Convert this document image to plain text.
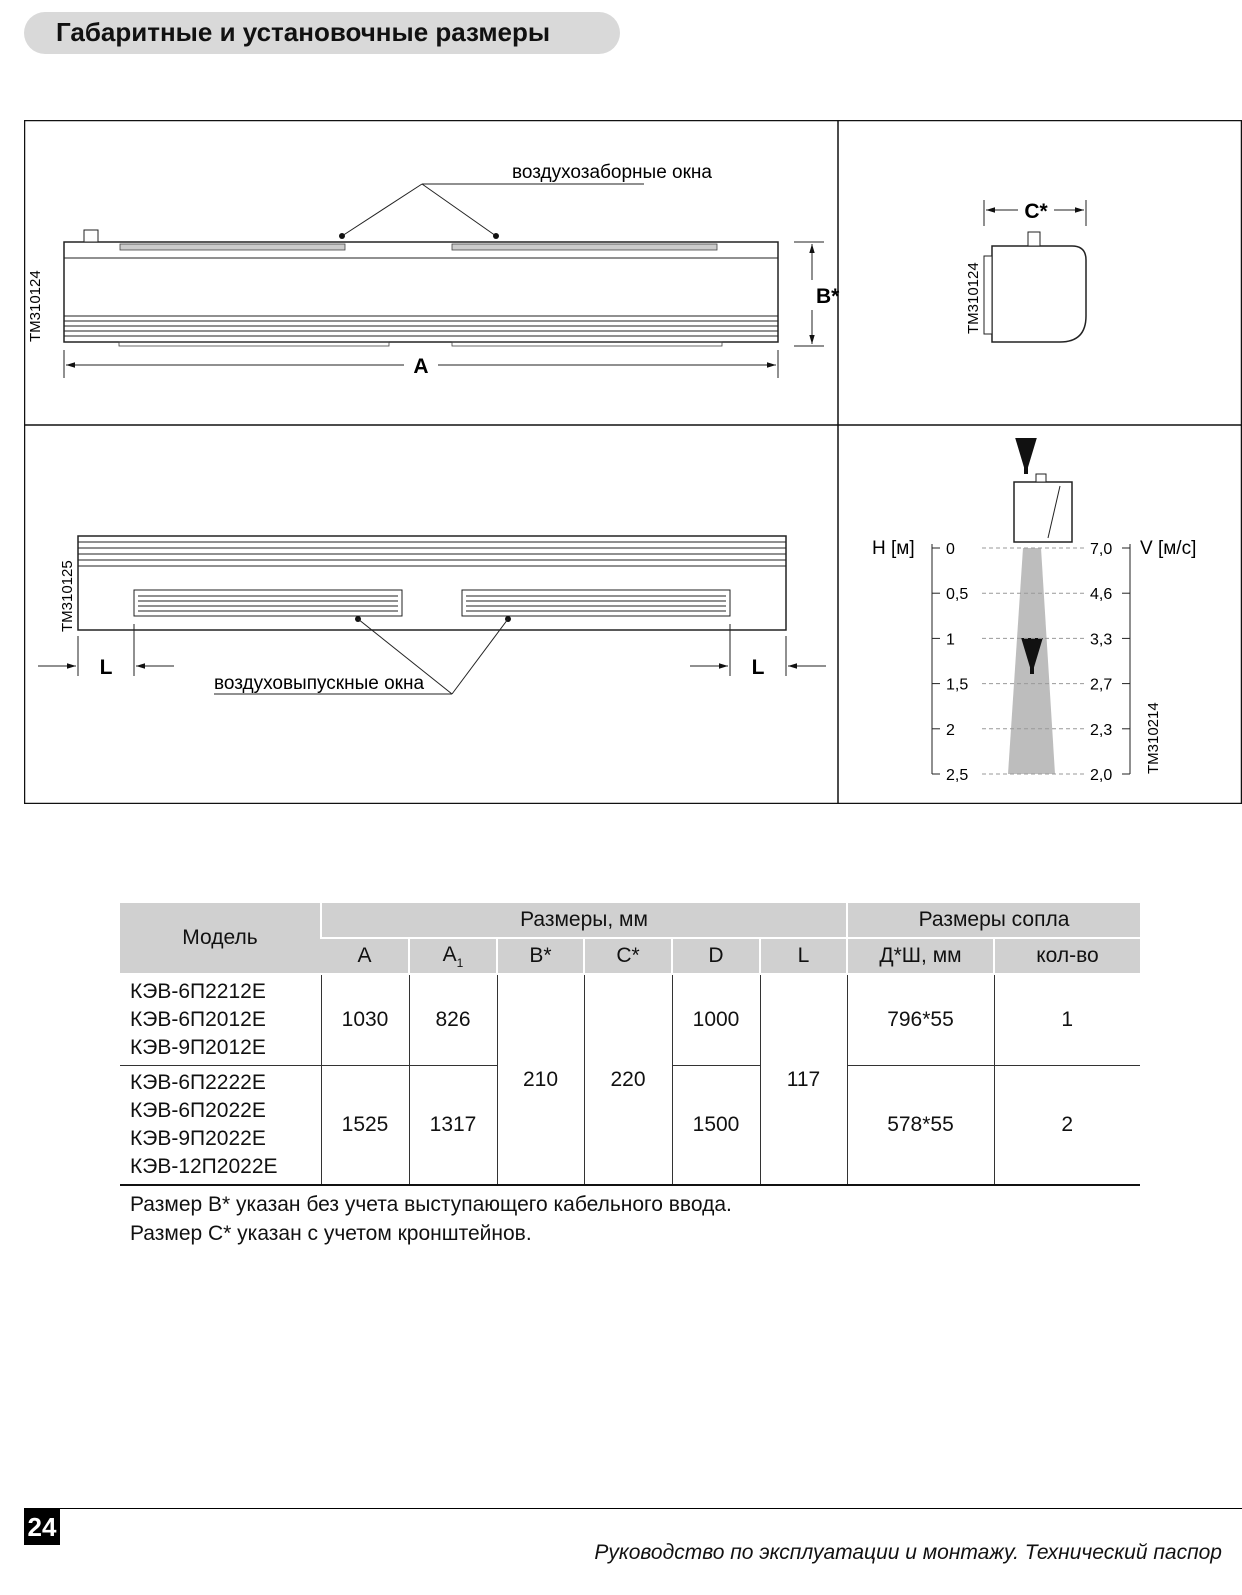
Габаритные и установочные размеры
воздухозаборные окна
B*
A
TM310124
C*
TM310124
воздуховыпускные окна
L	L
TM310125
0	7,0
0,5	4,6
1	3,3
1,5	2,7
2	2,3
2,5	2,0
H [м]	V [м/с]
TM310214
Модель	Размеры, мм						Размеры сопла	
	A	$A_1$	B*	C*	D	L	Д*Ш, мм	кол-во

КЭВ-6П2212Е
КЭВ-6П2012Е
КЭВ-9П2012Е	1030	826	210	220	1000	117	796*55	1

КЭВ-6П2222Е
КЭВ-6П2022Е
КЭВ-9П2022Е
КЭВ-12П2022Е	1525	1317			1500		578*55	2
Размер B* указан без учета выступающего кабельного ввода.
Размер C* указан с учетом кронштейнов.
24
Руководство по эксплуатации и монтажу. Технический паспор
